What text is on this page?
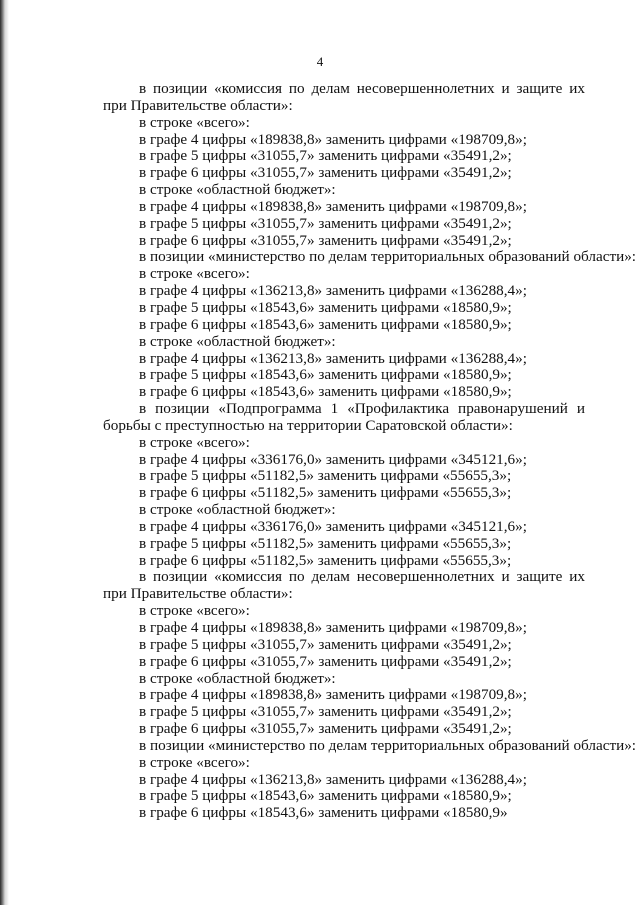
4
в позиции «комиссия по делам несовершеннолетних и защите их
при Правительстве области»:
в строке «всего»:
в графе 4 цифры «189838,8» заменить цифрами «198709,8»;
в графе 5 цифры «31055,7» заменить цифрами «35491,2»;
в графе 6 цифры «31055,7» заменить цифрами «35491,2»;
в строке «областной бюджет»:
в графе 4 цифры «189838,8» заменить цифрами «198709,8»;
в графе 5 цифры «31055,7» заменить цифрами «35491,2»;
в графе 6 цифры «31055,7» заменить цифрами «35491,2»;
в позиции «министерство по делам территориальных образований области»:
в строке «всего»:
в графе 4 цифры «136213,8» заменить цифрами «136288,4»;
в графе 5 цифры «18543,6» заменить цифрами «18580,9»;
в графе 6 цифры «18543,6» заменить цифрами «18580,9»;
в строке «областной бюджет»:
в графе 4 цифры «136213,8» заменить цифрами «136288,4»;
в графе 5 цифры «18543,6» заменить цифрами «18580,9»;
в графе 6 цифры «18543,6» заменить цифрами «18580,9»;
в позиции «Подпрограмма 1 «Профилактика правонарушений и
борьбы с преступностью на территории Саратовской области»:
в строке «всего»:
в графе 4 цифры «336176,0» заменить цифрами «345121,6»;
в графе 5 цифры «51182,5» заменить цифрами «55655,3»;
в графе 6 цифры «51182,5» заменить цифрами «55655,3»;
в строке «областной бюджет»:
в графе 4 цифры «336176,0» заменить цифрами «345121,6»;
в графе 5 цифры «51182,5» заменить цифрами «55655,3»;
в графе 6 цифры «51182,5» заменить цифрами «55655,3»;
в позиции «комиссия по делам несовершеннолетних и защите их
при Правительстве области»:
в строке «всего»:
в графе 4 цифры «189838,8» заменить цифрами «198709,8»;
в графе 5 цифры «31055,7» заменить цифрами «35491,2»;
в графе 6 цифры «31055,7» заменить цифрами «35491,2»;
в строке «областной бюджет»:
в графе 4 цифры «189838,8» заменить цифрами «198709,8»;
в графе 5 цифры «31055,7» заменить цифрами «35491,2»;
в графе 6 цифры «31055,7» заменить цифрами «35491,2»;
в позиции «министерство по делам территориальных образований области»:
в строке «всего»:
в графе 4 цифры «136213,8» заменить цифрами «136288,4»;
в графе 5 цифры «18543,6» заменить цифрами «18580,9»;
в графе 6 цифры «18543,6» заменить цифрами «18580,9»
